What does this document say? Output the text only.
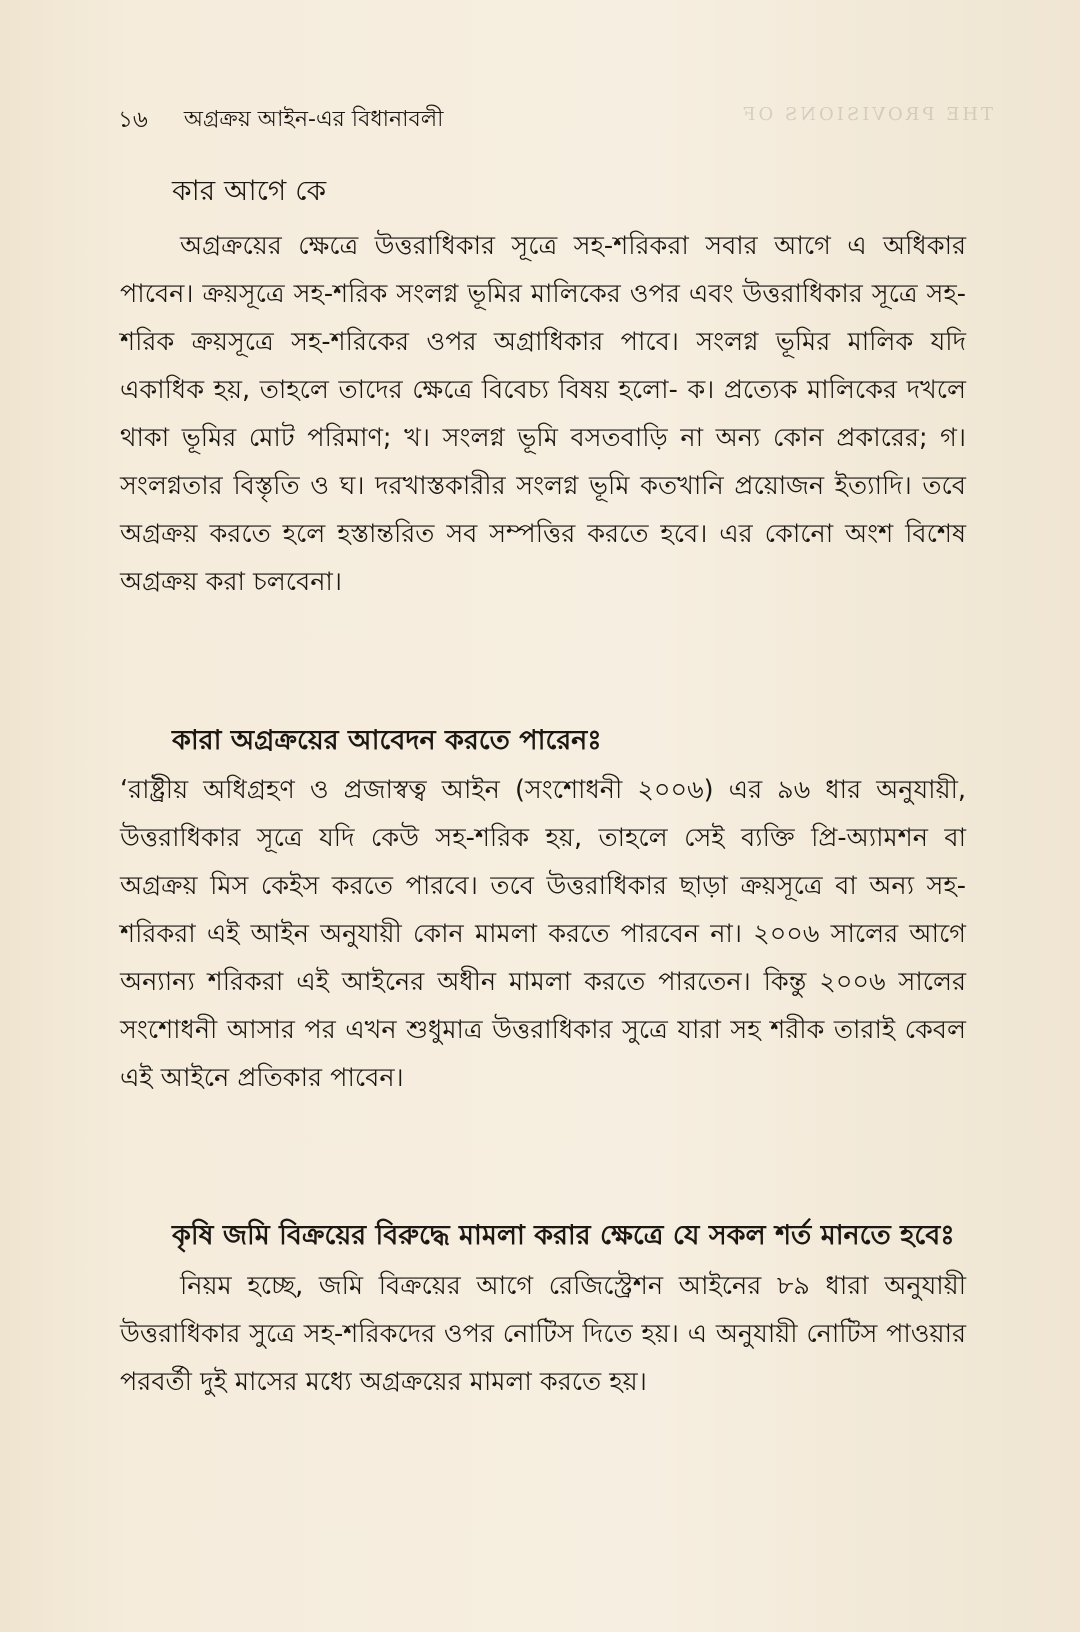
THE PROVISIONS OF
১৬ অগ্রক্রয় আইন-এর বিধানাবলী
কার আগে কে

অগ্রক্রয়ের ক্ষেত্রে উত্তরাধিকার সূত্রে সহ-শরিকরা সবার আগে এ অধিকার পাবেন। ক্রয়সূত্রে সহ-শরিক সংলগ্ন ভূমির মালিকের ওপর এবং উত্তরাধিকার সূত্রে সহ-শরিক ক্রয়সূত্রে সহ-শরিকের ওপর অগ্রাধিকার পাবে। সংলগ্ন ভূমির মালিক যদি একাধিক হয়, তাহলে তাদের ক্ষেত্রে বিবেচ্য বিষয় হলো- ক। প্রত্যেক মালিকের দখলে থাকা ভূমির মোট পরিমাণ; খ। সংলগ্ন ভূমি বসতবাড়ি না অন্য কোন প্রকারের; গ। সংলগ্নতার বিস্তৃতি ও ঘ। দরখাস্তকারীর সংলগ্ন ভূমি কতখানি প্রয়োজন ইত্যাদি। তবে অগ্রক্রয় করতে হলে হস্তান্তরিত সব সম্পত্তির করতে হবে। এর কোনো অংশ বিশেষ অগ্রক্রয় করা চলবেনা।

কারা অগ্রক্রয়ের আবেদন করতে পারেনঃ

‘রাষ্ট্রীয় অধিগ্রহণ ও প্রজাস্বত্ব আইন (সংশোধনী ২০০৬) এর ৯৬ ধার অনুযায়ী, উত্তরাধিকার সূত্রে যদি কেউ সহ-শরিক হয়, তাহলে সেই ব্যক্তি প্রি-অ্যামশন বা অগ্রক্রয় মিস কেইস করতে পারবে। তবে উত্তরাধিকার ছাড়া ক্রয়সূত্রে বা অন্য সহ-শরিকরা এই আইন অনুযায়ী কোন মামলা করতে পারবেন না। ২০০৬ সালের আগে অন্যান্য শরিকরা এই আইনের অধীন মামলা করতে পারতেন। কিন্তু ২০০৬ সালের সংশোধনী আসার পর এখন শুধুমাত্র উত্তরাধিকার সুত্রে যারা সহ শরীক তারাই কেবল এই আইনে প্রতিকার পাবেন।

কৃষি জমি বিক্রয়ের বিরুদ্ধে মামলা করার ক্ষেত্রে যে সকল শর্ত মানতে হবেঃ

নিয়ম হচ্ছে, জমি বিক্রয়ের আগে রেজিস্ট্রেশন আইনের ৮৯ ধারা অনুযায়ী উত্তরাধিকার সুত্রে সহ-শরিকদের ওপর নোটিস দিতে হয়। এ অনুযায়ী নোটিস পাওয়ার পরবর্তী দুই মাসের মধ্যে অগ্রক্রয়ের মামলা করতে হয়।
